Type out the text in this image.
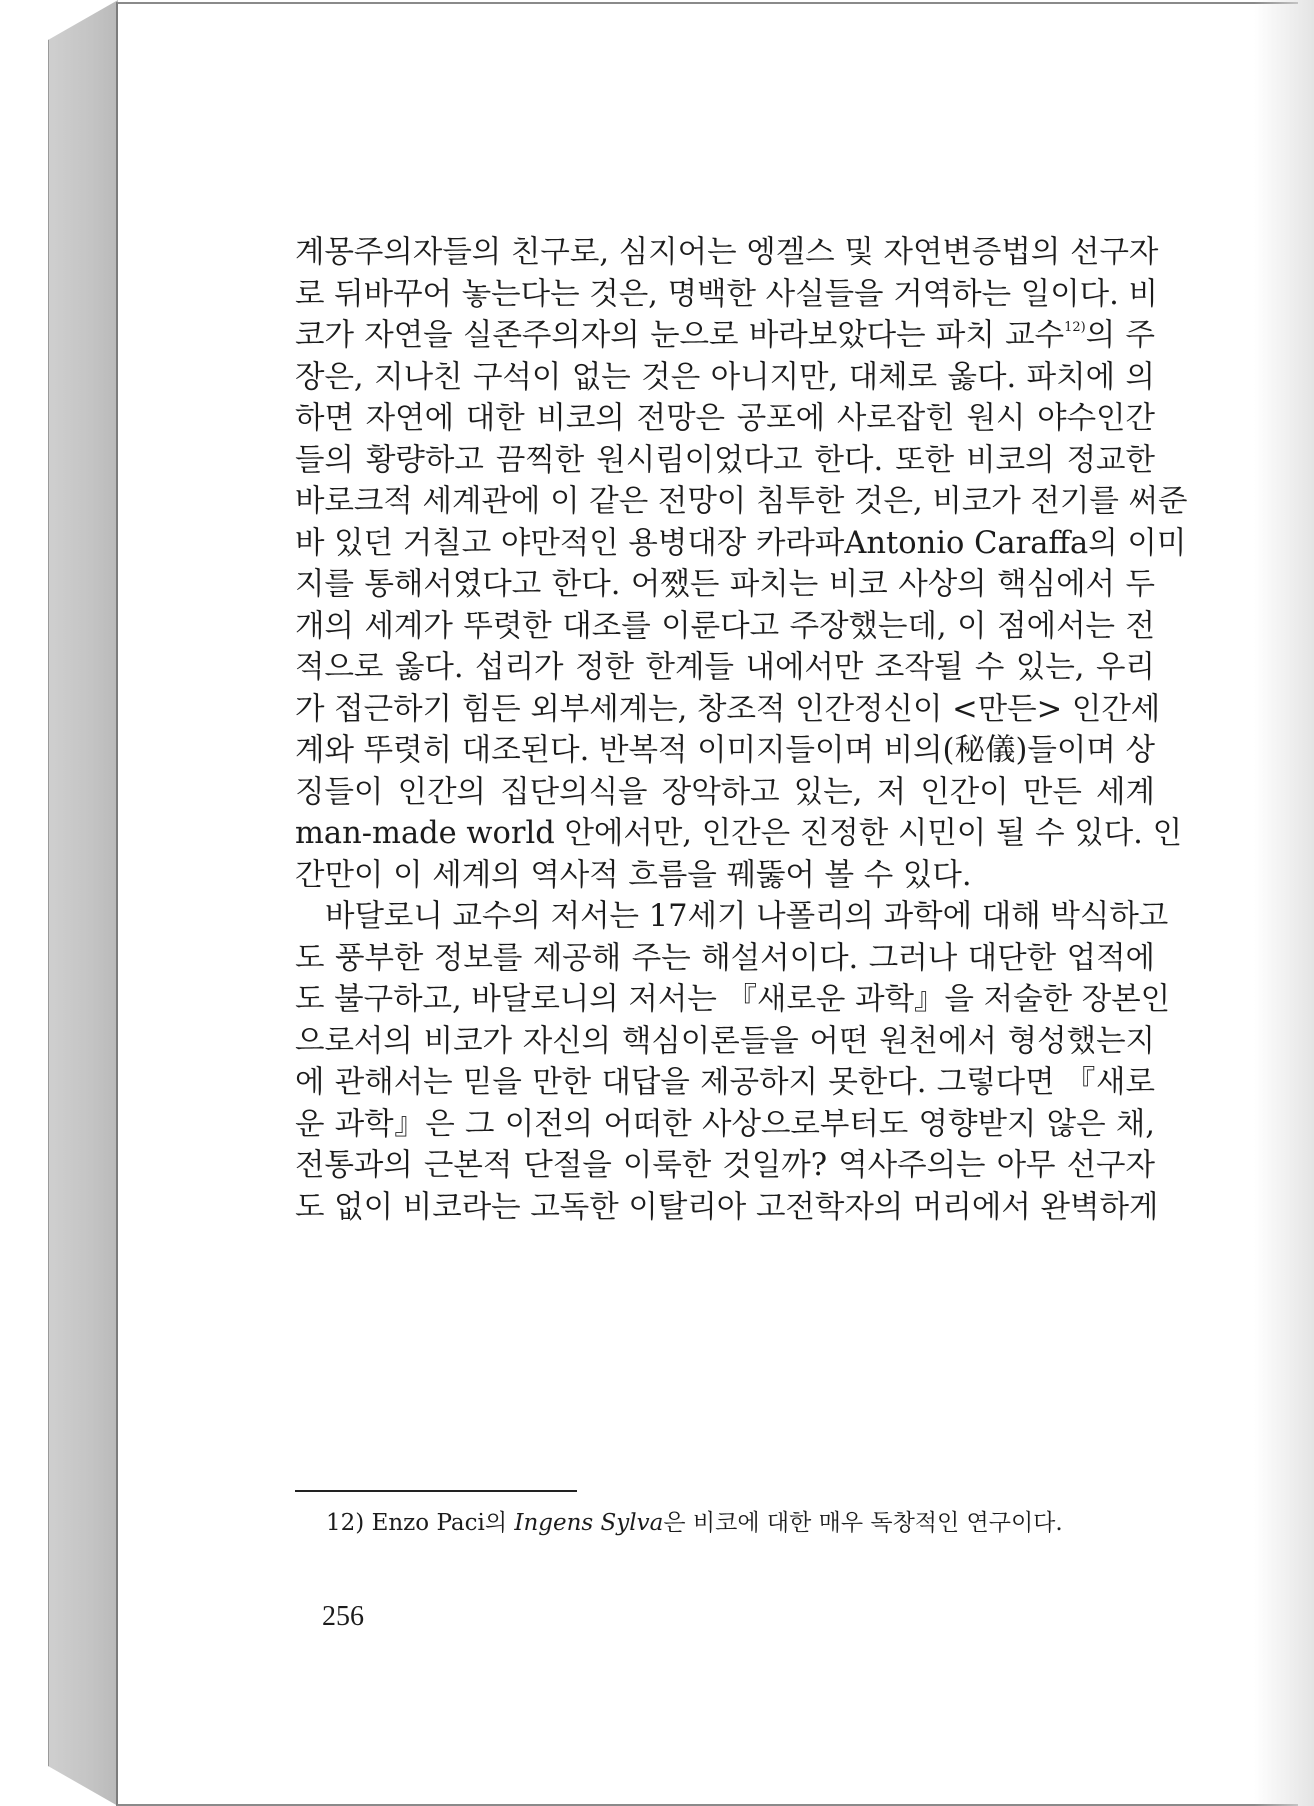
계몽주의자들의 친구로, 심지어는 엥겔스 및 자연변증법의 선구자

로 뒤바꾸어 놓는다는 것은, 명백한 사실들을 거역하는 일이다. 비

코가 자연을 실존주의자의 눈으로 바라보았다는 파치 교수$^{12)}$의 주

장은, 지나친 구석이 없는 것은 아니지만, 대체로 옳다. 파치에 의

하면 자연에 대한 비코의 전망은 공포에 사로잡힌 원시 야수인간

들의 황량하고 끔찍한 원시림이었다고 한다. 또한 비코의 정교한

바로크적 세계관에 이 같은 전망이 침투한 것은, 비코가 전기를 써준

바 있던 거칠고 야만적인 용병대장 카라파Antonio Caraffa의 이미

지를 통해서였다고 한다. 어쨌든 파치는 비코 사상의 핵심에서 두

개의 세계가 뚜렷한 대조를 이룬다고 주장했는데, 이 점에서는 전

적으로 옳다. 섭리가 정한 한계들 내에서만 조작될 수 있는, 우리

가 접근하기 힘든 외부세계는, 창조적 인간정신이 <만든> 인간세

계와 뚜렷히 대조된다. 반복적 이미지들이며 비의(秘儀)들이며 상

징들이 인간의 집단의식을 장악하고 있는, 저 인간이 만든 세계

man-made world 안에서만, 인간은 진정한 시민이 될 수 있다. 인

간만이 이 세계의 역사적 흐름을 꿰뚫어 볼 수 있다.

바달로니 교수의 저서는 17세기 나폴리의 과학에 대해 박식하고

도 풍부한 정보를 제공해 주는 해설서이다. 그러나 대단한 업적에

도 불구하고, 바달로니의 저서는 『새로운 과학』을 저술한 장본인

으로서의 비코가 자신의 핵심이론들을 어떤 원천에서 형성했는지

에 관해서는 믿을 만한 대답을 제공하지 못한다. 그렇다면 『새로

운 과학』은 그 이전의 어떠한 사상으로부터도 영향받지 않은 채,

전통과의 근본적 단절을 이룩한 것일까? 역사주의는 아무 선구자

도 없이 비코라는 고독한 이탈리아 고전학자의 머리에서 완벽하게

12) Enzo Paci의 Ingens Sylva은 비코에 대한 매우 독창적인 연구이다.
256
